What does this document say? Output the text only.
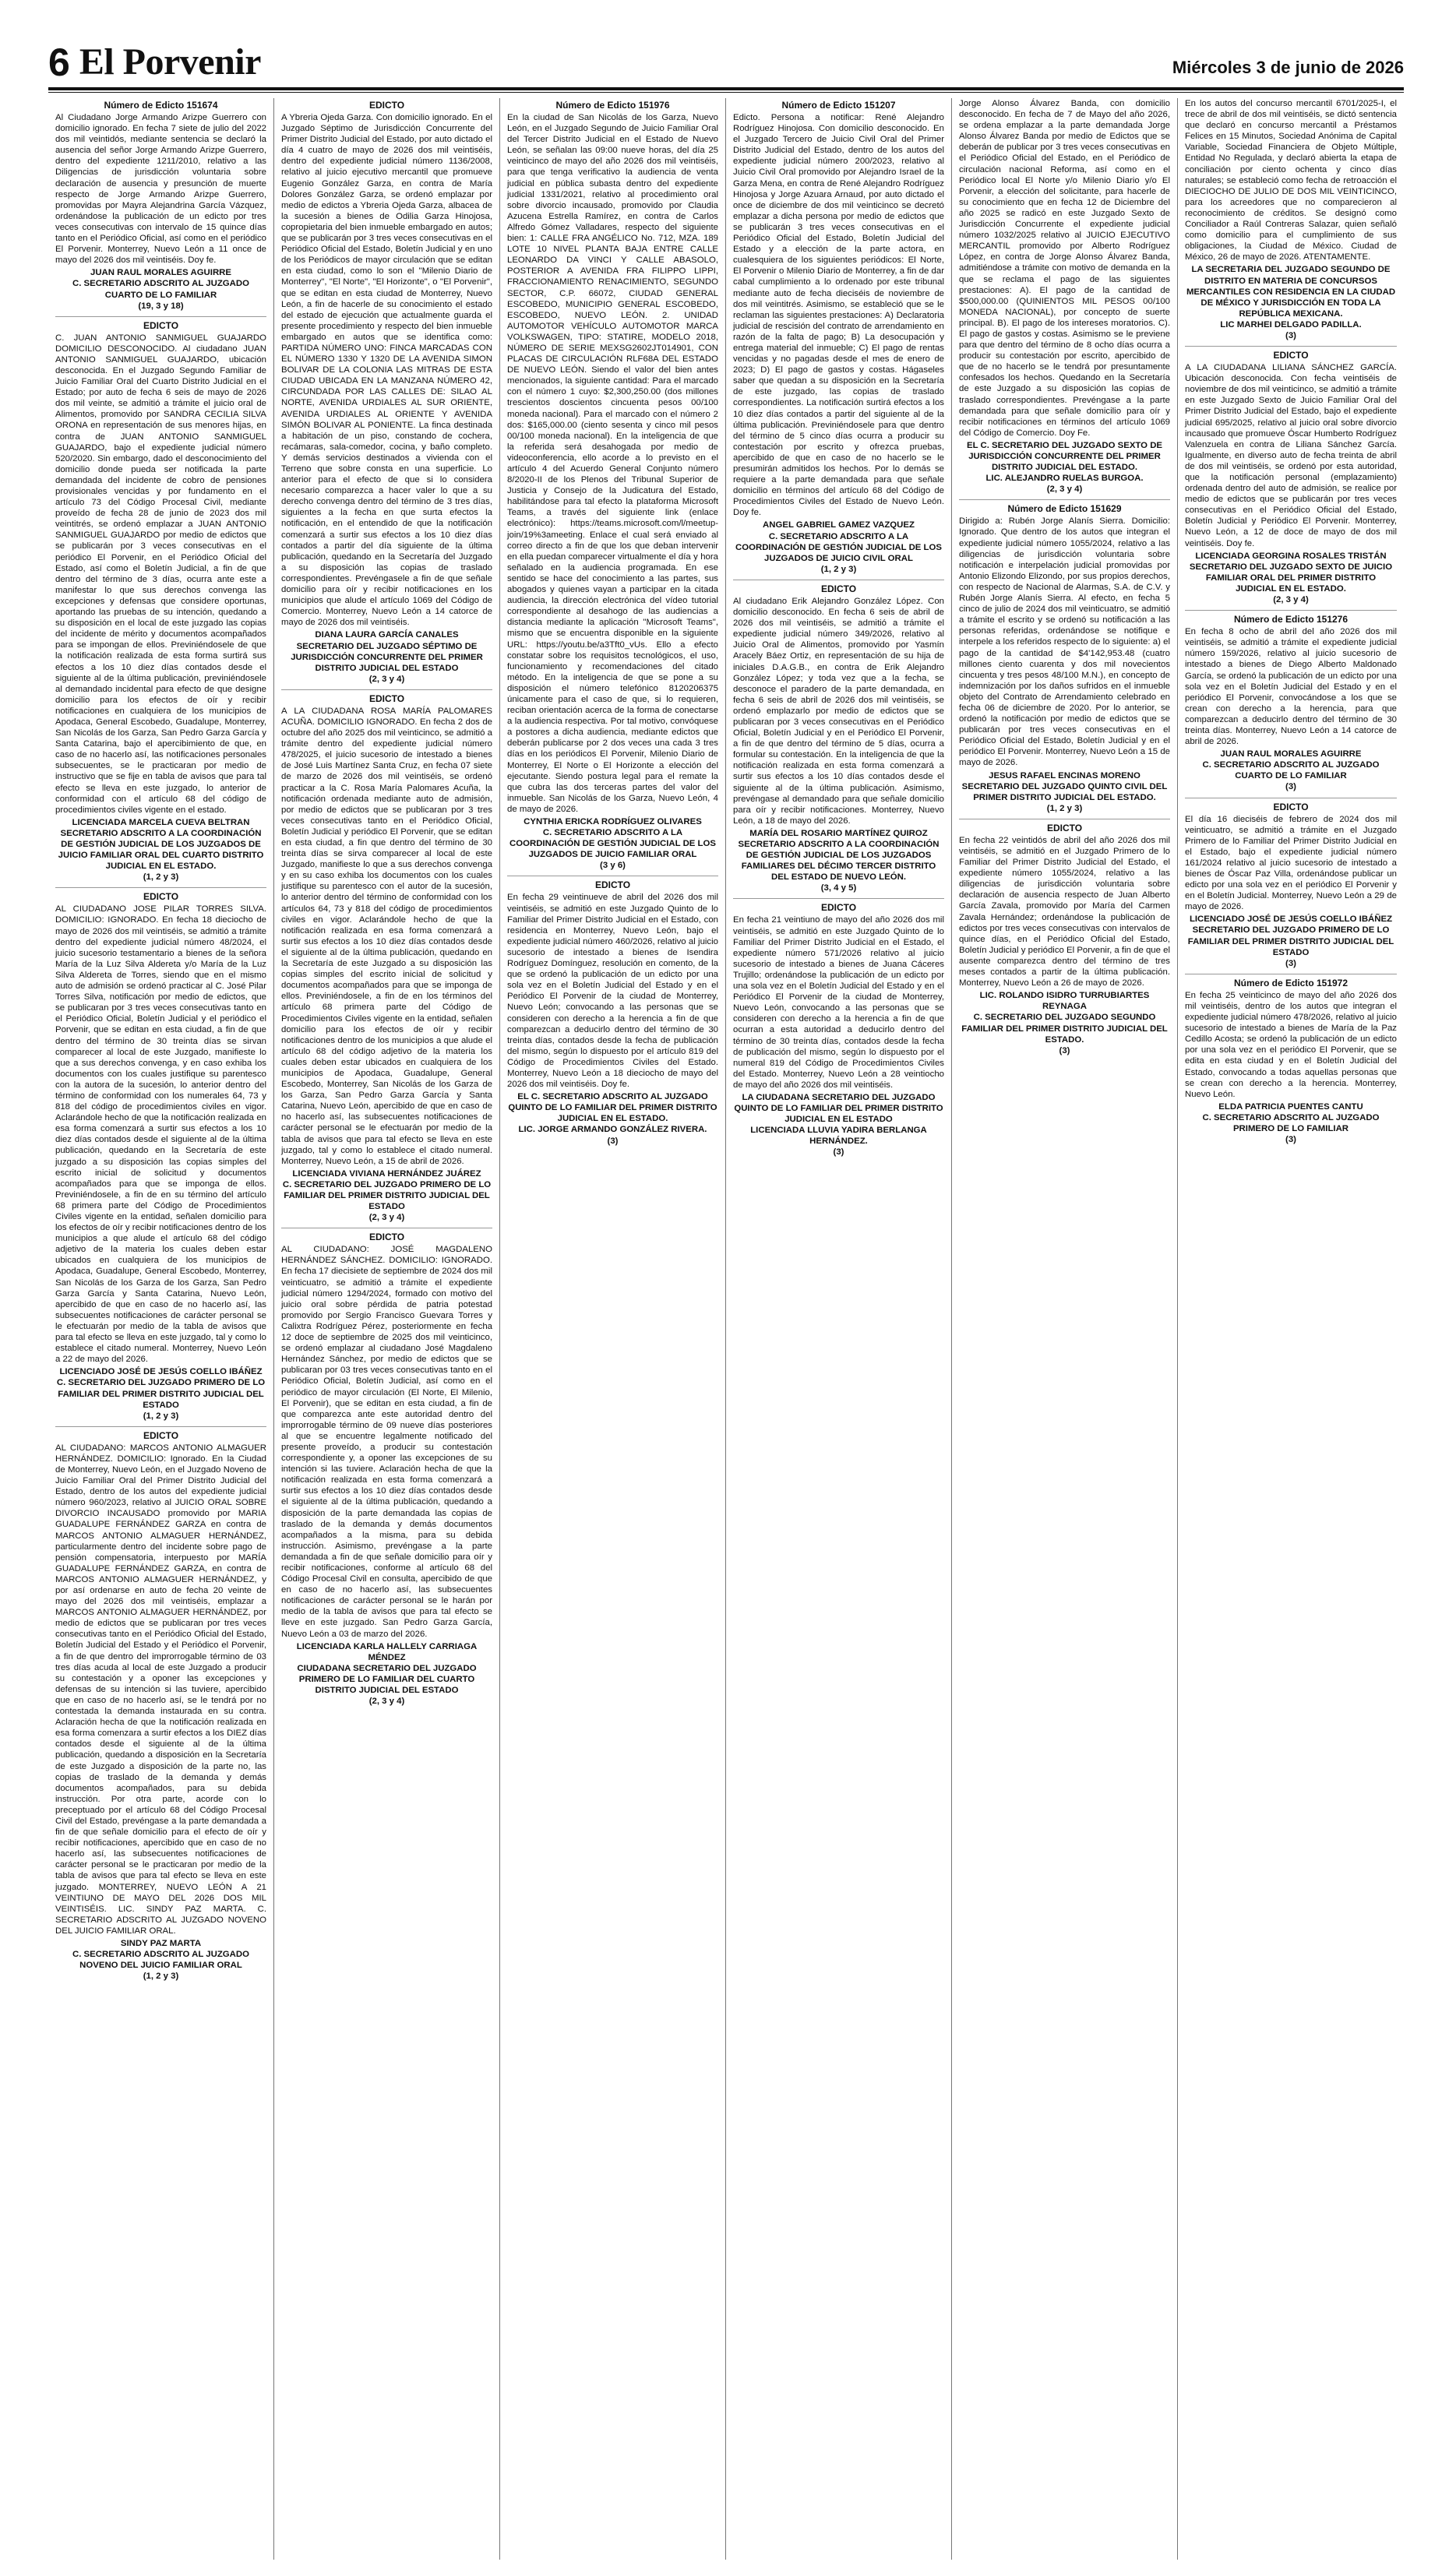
6 El Porvenir	Miércoles 3 de junio de 2026
Número de Edicto 151674
Al Ciudadano Jorge Armando Arizpe Guerrero con domicilio ignorado. En fecha 7 siete de julio del 2022 dos mil veintidós, mediante sentencia se declaró la ausencia del señor Jorge Armando Arizpe Guerrero, dentro del expediente 1211/2010, relativo a las Diligencias de jurisdicción voluntaria sobre declaración de ausencia y presunción de muerte respecto de Jorge Armando Arizpe Guerrero, promovidas por Mayra Alejandrina García Vázquez, ordenándose la publicación de un edicto por tres veces consecutivas con intervalo de 15 quince días tanto en el Periódico Oficial, así como en el periódico El Porvenir. Monterrey, Nuevo León a 11 once de mayo del 2026 dos mil veintiséis. Doy fe.
JUAN RAUL MORALES AGUIRRE
C. SECRETARIO ADSCRITO AL JUZGADO CUARTO DE LO FAMILIAR
(19, 3 y 18)
EDICTO
C. JUAN ANTONIO SANMIGUEL GUAJARDO DOMICILIO DESCONOCIDO. Al ciudadano JUAN ANTONIO SANMIGUEL GUAJARDO, ubicación desconocida. En el Juzgado Segundo Familiar de Juicio Familiar Oral del Cuarto Distrito Judicial en el Estado; por auto de fecha 6 seis de mayo de 2026 dos mil veinte, se admitió a trámite el juicio oral de Alimentos, promovido por SANDRA CECILIA SILVA ORONA en representación de sus menores hijas, en contra de JUAN ANTONIO SANMIGUEL GUAJARDO, bajo el expediente judicial número 520/2020. Sin embargo, dado el desconocimiento del domicilio donde pueda ser notificada la parte demandada del incidente de cobro de pensiones provisionales vencidas y por fundamento en el artículo 73 del Código Procesal Civil, mediante proveído de fecha 28 de junio de 2023 dos mil veintitrés, se ordenó emplazar a JUAN ANTONIO SANMIGUEL GUAJARDO por medio de edictos que se publicarán por 3 veces consecutivas en el periódico El Porvenir, en el Periódico Oficial del Estado, así como el Boletín Judicial, a fin de que dentro del término de 3 días, ocurra ante este a manifestar lo que sus derechos convenga las excepciones y defensas que considere oportunas, aportando las pruebas de su intención, quedando a su disposición en el local de este juzgado las copias del incidente de mérito y documentos acompañados para se impongan de ellos. Previniéndosele de que la notificación realizada de esta forma surtirá sus efectos a los 10 diez días contados desde el siguiente al de la última publicación, previniéndosele al demandado incidental para efecto de que designe domicilio para los efectos de oír y recibir notificaciones en cualquiera de los municipios de Apodaca, General Escobedo, Guadalupe, Monterrey, San Nicolás de los Garza, San Pedro Garza García y Santa Catarina, bajo el apercibimiento de que, en caso de no hacerlo así, las notificaciones personales subsecuentes, se le practicaran por medio de instructivo que se fije en tabla de avisos que para tal efecto se lleva en este juzgado, lo anterior de conformidad con el artículo 68 del código de procedimientos civiles vigente en el estado.
LICENCIADA MARCELA CUEVA BELTRAN
SECRETARIO ADSCRITO A LA COORDINACIÓN DE GESTIÓN JUDICIAL DE LOS JUZGADOS DE JUICIO FAMILIAR ORAL DEL CUARTO DISTRITO JUDICIAL EN EL ESTADO.
(1, 2 y 3)
EDICTO
AL CIUDADANO JOSE PILAR TORRES SILVA. DOMICILIO: IGNORADO. En fecha 18 dieciocho de mayo de 2026 dos mil veintiséis, se admitió a trámite dentro del expediente judicial número 48/2024, el juicio sucesorio testamentario a bienes de la señora María de la Luz Silva Aldereta y/o María de la Luz Silva Aldereta de Torres, siendo que en el mismo auto de admisión se ordenó practicar al C. José Pilar Torres Silva, notificación por medio de edictos, que se publicaran por 3 tres veces consecutivas tanto en el Periódico Oficial, Boletín Judicial y el periódico el Porvenir, que se editan en esta ciudad, a fin de que dentro del término de 30 treinta días se sirvan comparecer al local de este Juzgado, manifieste lo que a sus derechos convenga, y en caso exhiba los documentos con los cuales justifique su parentesco con la autora de la sucesión, lo anterior dentro del término de conformidad con los numerales 64, 73 y 818 del código de procedimientos civiles en vigor. Aclarándole hecho de que la notificación realizada en esa forma comenzará a surtir sus efectos a los 10 diez días contados desde el siguiente al de la última publicación, quedando en la Secretaría de este juzgado a su disposición las copias simples del escrito inicial de solicitud y documentos acompañados para que se imponga de ellos. Previniéndosele, a fin de en su término del artículo 68 primera parte del Código de Procedimientos Civiles vigente en la entidad, señalen domicilio para los efectos de oír y recibir notificaciones dentro de los municipios a que alude el artículo 68 del código adjetivo de la materia los cuales deben estar ubicados en cualquiera de los municipios de Apodaca, Guadalupe, General Escobedo, Monterrey, San Nicolás de los Garza de los Garza, San Pedro Garza García y Santa Catarina, Nuevo León, apercibido de que en caso de no hacerlo así, las subsecuentes notificaciones de carácter personal se le efectuarán por medio de la tabla de avisos que para tal efecto se lleva en este juzgado, tal y como lo establece el citado numeral. Monterrey, Nuevo León a 22 de mayo del 2026.
LICENCIADO JOSÉ DE JESÚS COELLO IBÁÑEZ
C. SECRETARIO DEL JUZGADO PRIMERO DE LO FAMILIAR DEL PRIMER DISTRITO JUDICIAL DEL ESTADO
(1, 2 y 3)
EDICTO
AL CIUDADANO: MARCOS ANTONIO ALMAGUER HERNÁNDEZ. DOMICILIO: Ignorado. En la Ciudad de Monterrey, Nuevo León, en el Juzgado Noveno de Juicio Familiar Oral del Primer Distrito Judicial del Estado, dentro de los autos del expediente judicial número 960/2023, relativo al JUICIO ORAL SOBRE DIVORCIO INCAUSADO promovido por MARIA GUADALUPE FERNÁNDEZ GARZA en contra de MARCOS ANTONIO ALMAGUER HERNÁNDEZ, particularmente dentro del incidente sobre pago de pensión compensatoria, interpuesto por MARÍA GUADALUPE FERNÁNDEZ GARZA, en contra de MARCOS ANTONIO ALMAGUER HERNÁNDEZ, y por así ordenarse en auto de fecha 20 veinte de mayo del 2026 dos mil veintiséis, emplazar a MARCOS ANTONIO ALMAGUER HERNÁNDEZ, por medio de edictos que se publicaran por tres veces consecutivas tanto en el Periódico Oficial del Estado, Boletín Judicial del Estado y el Periódico el Porvenir, a fin de que dentro del improrrogable término de 03 tres días acuda al local de este Juzgado a producir su contestación y a oponer las excepciones y defensas de su intención si las tuviere, apercibido que en caso de no hacerlo así, se le tendrá por no contestada la demanda instaurada en su contra. Aclaración hecha de que la notificación realizada en esa forma comenzara a surtir efectos a los DIEZ días contados desde el siguiente al de la última publicación, quedando a disposición en la Secretaría de este Juzgado a disposición de la parte no, las copias de traslado de la demanda y demás documentos acompañados, para su debida instrucción. Por otra parte, acorde con lo preceptuado por el artículo 68 del Código Procesal Civil del Estado, prevéngase a la parte demandada a fin de que señale domicilio para el efecto de oír y recibir notificaciones, apercibido que en caso de no hacerlo así, las subsecuentes notificaciones de carácter personal se le practicaran por medio de la tabla de avisos que para tal efecto se lleva en este juzgado. MONTERREY, NUEVO LEÓN A 21 VEINTIUNO DE MAYO DEL 2026 DOS MIL VEINTISÉIS. LIC. SINDY PAZ MARTA. C. SECRETARIO ADSCRITO AL JUZGADO NOVENO DEL JUICIO FAMILIAR ORAL.
SINDY PAZ MARTA
C. SECRETARIO ADSCRITO AL JUZGADO NOVENO DEL JUICIO FAMILIAR ORAL
(1, 2 y 3)
EDICTO
A Ybreria Ojeda Garza. Con domicilio ignorado. En el Juzgado Séptimo de Jurisdicción Concurrente del Primer Distrito Judicial del Estado, por auto dictado el día 4 cuatro de mayo de 2026 dos mil veintiséis, dentro del expediente judicial número 1136/2008, relativo al juicio ejecutivo mercantil que promueve Eugenio González Garza, en contra de María Dolores González Garza, se ordenó emplazar por medio de edictos a Ybreria Ojeda Garza, albacea de la sucesión a bienes de Odilia Garza Hinojosa, copropietaria del bien inmueble embargado en autos; que se publicarán por 3 tres veces consecutivas en el Periódico Oficial del Estado, Boletín Judicial y en uno de los Periódicos de mayor circulación que se editan en esta ciudad, como lo son el "Milenio Diario de Monterrey", "El Norte", "El Horizonte", o "El Porvenir", que se editan en esta ciudad de Monterrey, Nuevo León, a fin de hacerle de su conocimiento el estado del estado de ejecución que actualmente guarda el presente procedimiento y respecto del bien inmueble embargado en autos que se identifica como: PARTIDA NÚMERO UNO: FINCA MARCADAS CON EL NÚMERO 1330 Y 1320 DE LA AVENIDA SIMON BOLIVAR DE LA COLONIA LAS MITRAS DE ESTA CIUDAD UBICADA EN LA MANZANA NÚMERO 42, CIRCUNDADA POR LAS CALLES DE: SILAO AL NORTE, AVENIDA URDIALES AL SUR ORIENTE, AVENIDA URDIALES AL ORIENTE Y AVENIDA SIMÓN BOLIVAR AL PONIENTE. La finca destinada a habitación de un piso, constando de cochera, recámaras, sala-comedor, cocina, y baño completo. Y demás servicios destinados a vivienda con el Terreno que sobre consta en una superficie. Lo anterior para el efecto de que si lo considera necesario comparezca a hacer valer lo que a su derecho convenga dentro del término de 3 tres días, siguientes a la fecha en que surta efectos la notificación, en el entendido de que la notificación comenzará a surtir sus efectos a los 10 diez días contados a partir del día siguiente de la última publicación, quedando en la Secretaría del Juzgado a su disposición las copias de traslado correspondientes. Prevéngasele a fin de que señale domicilio para oír y recibir notificaciones en los municipios que alude el artículo 1069 del Código de Comercio. Monterrey, Nuevo León a 14 catorce de mayo de 2026 dos mil veintiséis.
DIANA LAURA GARCÍA CANALES
SECRETARIO DEL JUZGADO SÉPTIMO DE JURISDICCIÓN CONCURRENTE DEL PRIMER DISTRITO JUDICIAL DEL ESTADO
(2, 3 y 4)
EDICTO
A LA CIUDADANA ROSA MARÍA PALOMARES ACUÑA. DOMICILIO IGNORADO. En fecha 2 dos de octubre del año 2025 dos mil veinticinco, se admitió a trámite dentro del expediente judicial número 478/2025, el juicio sucesorio de intestado a bienes de José Luis Martínez Santa Cruz, en fecha 07 siete de marzo de 2026 dos mil veintiséis, se ordenó practicar a la C. Rosa María Palomares Acuña, la notificación ordenada mediante auto de admisión, por medio de edictos que se publicaran por 3 tres veces consecutivas tanto en el Periódico Oficial, Boletín Judicial y periódico El Porvenir, que se editan en esta ciudad, a fin que dentro del término de 30 treinta días se sirva comparecer al local de este Juzgado, manifieste lo que a sus derechos convenga y en su caso exhiba los documentos con los cuales justifique su parentesco con el autor de la sucesión, lo anterior dentro del término de conformidad con los artículos 64, 73 y 818 del código de procedimientos civiles en vigor. Aclarándole hecho de que la notificación realizada en esa forma comenzará a surtir sus efectos a los 10 diez días contados desde el siguiente al de la última publicación, quedando en la Secretaría de este Juzgado a su disposición las copias simples del escrito inicial de solicitud y documentos acompañados para que se imponga de ellos. Previniéndosele, a fin de en los términos del artículo 68 primera parte del Código de Procedimientos Civiles vigente en la entidad, señalen domicilio para los efectos de oír y recibir notificaciones dentro de los municipios a que alude el artículo 68 del código adjetivo de la materia los cuales deben estar ubicados en cualquiera de los municipios de Apodaca, Guadalupe, General Escobedo, Monterrey, San Nicolás de los Garza de los Garza, San Pedro Garza García y Santa Catarina, Nuevo León, apercibido de que en caso de no hacerlo así, las subsecuentes notificaciones de carácter personal se le efectuarán por medio de la tabla de avisos que para tal efecto se lleva en este juzgado, tal y como lo establece el citado numeral. Monterrey, Nuevo León, a 15 de abril de 2026.
LICENCIADA VIVIANA HERNÁNDEZ JUÁREZ
C. SECRETARIO DEL JUZGADO PRIMERO DE LO FAMILIAR DEL PRIMER DISTRITO JUDICIAL DEL ESTADO
(2, 3 y 4)
EDICTO
AL CIUDADANO: JOSÉ MAGDALENO HERNÁNDEZ SÁNCHEZ. DOMICILIO: IGNORADO. En fecha 17 diecisiete de septiembre de 2024 dos mil veinticuatro, se admitió a trámite el expediente judicial número 1294/2024, formado con motivo del juicio oral sobre pérdida de patria potestad promovido por Sergio Francisco Guevara Torres y Calixtra Rodríguez Pérez, posteriormente en fecha 12 doce de septiembre de 2025 dos mil veinticinco, se ordenó emplazar al ciudadano José Magdaleno Hernández Sánchez, por medio de edictos que se publicaran por 03 tres veces consecutivas tanto en el Periódico Oficial, Boletín Judicial, así como en el periódico de mayor circulación (El Norte, El Milenio, El Porvenir), que se editan en esta ciudad, a fin de que comparezca ante este autoridad dentro del improrrogable término de 09 nueve días posteriores al que se encuentre legalmente notificado del presente proveído, a producir su contestación correspondiente y, a oponer las excepciones de su intención si las tuviere. Aclaración hecha de que la notificación realizada en esta forma comenzará a surtir sus efectos a los 10 diez días contados desde el siguiente al de la última publicación, quedando a disposición de la parte demandada las copias de traslado de la demanda y demás documentos acompañados a la misma, para su debida instrucción. Asimismo, prevéngase a la parte demandada a fin de que señale domicilio para oír y recibir notificaciones, conforme al artículo 68 del Código Procesal Civil en consulta, apercibido de que en caso de no hacerlo así, las subsecuentes notificaciones de carácter personal se le harán por medio de la tabla de avisos que para tal efecto se lleve en este juzgado. San Pedro Garza García, Nuevo León a 03 de marzo del 2026.
LICENCIADA KARLA HALLELY CARRIAGA MÉNDEZ
CIUDADANA SECRETARIO DEL JUZGADO PRIMERO DE LO FAMILIAR DEL CUARTO DISTRITO JUDICIAL DEL ESTADO
(2, 3 y 4)
Número de Edicto 151976
En la ciudad de San Nicolás de los Garza, Nuevo León, en el Juzgado Segundo de Juicio Familiar Oral del Tercer Distrito Judicial en el Estado de Nuevo León, se señalan las 09:00 nueve horas, del día 25 veinticinco de mayo del año 2026 dos mil veintiséis, para que tenga verificativo la audiencia de venta judicial en pública subasta dentro del expediente judicial 1331/2021, relativo al procedimiento oral sobre divorcio incausado, promovido por Claudia Azucena Estrella Ramírez, en contra de Carlos Alfredo Gómez Valladares, respecto del siguiente bien: 1: CALLE FRA ANGÉLICO No. 712, MZA. 189 LOTE 10 NIVEL PLANTA BAJA ENTRE CALLE LEONARDO DA VINCI Y CALLE ABASOLO, POSTERIOR A AVENIDA FRA FILIPPO LIPPI, FRACCIONAMIENTO RENACIMIENTO, SEGUNDO SECTOR, C.P. 66072, CIUDAD GENERAL ESCOBEDO, MUNICIPIO GENERAL ESCOBEDO, ESCOBEDO, NUEVO LEÓN. 2. UNIDAD AUTOMOTOR VEHÍCULO AUTOMOTOR MARCA VOLKSWAGEN, TIPO: STATIRE, MODELO 2018, NÚMERO DE SERIE MEXSG2602JT014901, CON PLACAS DE CIRCULACIÓN RLF68A DEL ESTADO DE NUEVO LEÓN. Siendo el valor del bien antes mencionados, la siguiente cantidad: Para el marcado con el número 1 cuyo: $2,300,250.00 (dos millones trescientos doscientos cincuenta pesos 00/100 moneda nacional). Para el marcado con el número 2 dos: $165,000.00 (ciento sesenta y cinco mil pesos 00/100 moneda nacional). En la inteligencia de que la referida será desahogada por medio de videoconferencia, ello acorde a lo previsto en el artículo 4 del Acuerdo General Conjunto número 8/2020-II de los Plenos del Tribunal Superior de Justicia y Consejo de la Judicatura del Estado, habilitándose para tal efecto la plataforma Microsoft Teams, a través del siguiente link (enlace electrónico): https://teams.microsoft.com/l/meetup-join/19%3ameeting. Enlace el cual será enviado al correo directo a fin de que los que deban intervenir en ella puedan comparecer virtualmente el día y hora señalado en la audiencia programada. En ese sentido se hace del conocimiento a las partes, sus abogados y quienes vayan a participar en la citada audiencia, la dirección electrónica del vídeo tutorial correspondiente al desahogo de las audiencias a distancia mediante la aplicación "Microsoft Teams", mismo que se encuentra disponible en la siguiente URL: https://youtu.be/a3Tft0_vUs. Ello a efecto constatar sobre los requisitos tecnológicos, el uso, funcionamiento y recomendaciones del citado método. En la inteligencia de que se pone a su disposición el número telefónico 8120206375 únicamente para el caso de que, si lo requieren, reciban orientación acerca de la forma de conectarse a la audiencia respectiva. Por tal motivo, convóquese a postores a dicha audiencia, mediante edictos que deberán publicarse por 2 dos veces una cada 3 tres días en los periódicos El Porvenir, Milenio Diario de Monterrey, El Norte o El Horizonte a elección del ejecutante. Siendo postura legal para el remate la que cubra las dos terceras partes del valor del inmueble. San Nicolás de los Garza, Nuevo León, 4 de mayo de 2026.
CYNTHIA ERICKA RODRÍGUEZ OLIVARES
C. SECRETARIO ADSCRITO A LA COORDINACIÓN DE GESTIÓN JUDICIAL DE LOS JUZGADOS DE JUICIO FAMILIAR ORAL
(3 y 6)
EDICTO
En fecha 29 veintinueve de abril del 2026 dos mil veintiséis, se admitió en este Juzgado Quinto de lo Familiar del Primer Distrito Judicial en el Estado, con residencia en Monterrey, Nuevo León, bajo el expediente judicial número 460/2026, relativo al juicio sucesorio de intestado a bienes de Isendira Rodríguez Domínguez, resolución en comento, de la que se ordenó la publicación de un edicto por una sola vez en el Boletín Judicial del Estado y en el Periódico El Porvenir de la ciudad de Monterrey, Nuevo León; convocando a las personas que se consideren con derecho a la herencia a fin de que comparezcan a deducirlo dentro del término de 30 treinta días, contados desde la fecha de publicación del mismo, según lo dispuesto por el artículo 819 del Código de Procedimientos Civiles del Estado. Monterrey, Nuevo León a 18 dieciocho de mayo del 2026 dos mil veintiséis. Doy fe.
EL C. SECRETARIO ADSCRITO AL JUZGADO QUINTO DE LO FAMILIAR DEL PRIMER DISTRITO JUDICIAL EN EL ESTADO.
LIC. JORGE ARMANDO GONZÁLEZ RIVERA.
(3)
Número de Edicto 151207
Edicto. Persona a notificar: René Alejandro Rodríguez Hinojosa. Con domicilio desconocido. En el Juzgado Tercero de Juicio Civil Oral del Primer Distrito Judicial del Estado, dentro de los autos del expediente judicial número 200/2023, relativo al Juicio Civil Oral promovido por Alejandro Israel de la Garza Mena, en contra de René Alejandro Rodríguez Hinojosa y Jorge Azuara Arnaud, por auto dictado el once de diciembre de dos mil veinticinco se decretó emplazar a dicha persona por medio de edictos que se publicarán 3 tres veces consecutivas en el Periódico Oficial del Estado, Boletín Judicial del Estado y a elección de la parte actora, en cualesquiera de los siguientes periódicos: El Norte, El Porvenir o Milenio Diario de Monterrey, a fin de dar cabal cumplimiento a lo ordenado por este tribunal mediante auto de fecha dieciséis de noviembre de dos mil veintitrés. Asimismo, se estableció que se le reclaman las siguientes prestaciones: A) Declaratoria judicial de rescisión del contrato de arrendamiento en razón de la falta de pago; B) La desocupación y entrega material del inmueble; C) El pago de rentas vencidas y no pagadas desde el mes de enero de 2023; D) El pago de gastos y costas. Hágaseles saber que quedan a su disposición en la Secretaría de este juzgado, las copias de traslado correspondientes. La notificación surtirá efectos a los 10 diez días contados a partir del siguiente al de la última publicación. Previniéndosele para que dentro del término de 5 cinco días ocurra a producir su contestación por escrito y ofrezca pruebas, apercibido de que en caso de no hacerlo se le presumirán admitidos los hechos. Por lo demás se requiere a la parte demandada para que señale domicilio en términos del artículo 68 del Código de Procedimientos Civiles del Estado de Nuevo León. Doy fe.
ANGEL GABRIEL GAMEZ VAZQUEZ
C. SECRETARIO ADSCRITO A LA COORDINACIÓN DE GESTIÓN JUDICIAL DE LOS JUZGADOS DE JUICIO CIVIL ORAL
(1, 2 y 3)
EDICTO
Al ciudadano Erik Alejandro González López. Con domicilio desconocido. En fecha 6 seis de abril de 2026 dos mil veintiséis, se admitió a trámite el expediente judicial número 349/2026, relativo al Juicio Oral de Alimentos, promovido por Yasmín Aracely Báez Ortiz, en representación de su hija de iniciales D.A.G.B., en contra de Erik Alejandro González López; y toda vez que a la fecha, se desconoce el paradero de la parte demandada, en fecha 6 seis de abril de 2026 dos mil veintiséis, se ordenó emplazarlo por medio de edictos que se publicaran por 3 veces consecutivas en el Periódico Oficial, Boletín Judicial y en el Periódico El Porvenir, a fin de que dentro del término de 5 días, ocurra a formular su contestación. En la inteligencia de que la notificación realizada en esta forma comenzará a surtir sus efectos a los 10 días contados desde el siguiente al de la última publicación. Asimismo, prevéngase al demandado para que señale domicilio para oír y recibir notificaciones. Monterrey, Nuevo León, a 18 de mayo del 2026.
MARÍA DEL ROSARIO MARTÍNEZ QUIROZ
SECRETARIO ADSCRITO A LA COORDINACIÓN DE GESTIÓN JUDICIAL DE LOS JUZGADOS FAMILIARES DEL DÉCIMO TERCER DISTRITO DEL ESTADO DE NUEVO LEÓN.
(3, 4 y 5)
EDICTO
En fecha 21 veintiuno de mayo del año 2026 dos mil veintiséis, se admitió en este Juzgado Quinto de lo Familiar del Primer Distrito Judicial en el Estado, el expediente número 571/2026 relativo al juicio sucesorio de intestado a bienes de Juana Cáceres Trujillo; ordenándose la publicación de un edicto por una sola vez en el Boletín Judicial del Estado y en el Periódico El Porvenir de la ciudad de Monterrey, Nuevo León, convocando a las personas que se consideren con derecho a la herencia a fin de que ocurran a esta autoridad a deducirlo dentro del término de 30 treinta días, contados desde la fecha de publicación del mismo, según lo dispuesto por el numeral 819 del Código de Procedimientos Civiles del Estado. Monterrey, Nuevo León a 28 veintiocho de mayo del año 2026 dos mil veintiséis.
LA CIUDADANA SECRETARIO DEL JUZGADO QUINTO DE LO FAMILIAR DEL PRIMER DISTRITO JUDICIAL EN EL ESTADO
LICENCIADA LLUVIA YADIRA BERLANGA HERNÁNDEZ.
(3)
Jorge Alonso Álvarez Banda, con domicilio desconocido. En fecha de 7 de Mayo del año 2026, se ordena emplazar a la parte demandada Jorge Alonso Álvarez Banda por medio de Edictos que se deberán de publicar por 3 tres veces consecutivas en el Periódico Oficial del Estado, en el Periódico de circulación nacional Reforma, así como en el Periódico local El Norte y/o Milenio Diario y/o El Porvenir, a elección del solicitante, para hacerle de su conocimiento que en fecha 12 de Diciembre del año 2025 se radicó en este Juzgado Sexto de Jurisdicción Concurrente el expediente judicial número 1032/2025 relativo al JUICIO EJECUTIVO MERCANTIL promovido por Alberto Rodríguez López, en contra de Jorge Alonso Álvarez Banda, admitiéndose a trámite con motivo de demanda en la que se reclama el pago de las siguientes prestaciones: A). El pago de la cantidad de $500,000.00 (QUINIENTOS MIL PESOS 00/100 MONEDA NACIONAL), por concepto de suerte principal. B). El pago de los intereses moratorios. C). El pago de gastos y costas. Asimismo se le previene para que dentro del término de 8 ocho días ocurra a producir su contestación por escrito, apercibido de que de no hacerlo se le tendrá por presuntamente confesados los hechos. Quedando en la Secretaría de este Juzgado a su disposición las copias de traslado correspondientes. Prevéngase a la parte demandada para que señale domicilio para oír y recibir notificaciones en términos del artículo 1069 del Código de Comercio. Doy Fe.
EL C. SECRETARIO DEL JUZGADO SEXTO DE JURISDICCIÓN CONCURRENTE DEL PRIMER DISTRITO JUDICIAL DEL ESTADO.
LIC. ALEJANDRO RUELAS BURGOA.
(2, 3 y 4)
Número de Edicto 151629
Dirigido a: Rubén Jorge Alanís Sierra. Domicilio: Ignorado. Que dentro de los autos que integran el expediente judicial número 1055/2024, relativo a las diligencias de jurisdicción voluntaria sobre notificación e interpelación judicial promovidas por Antonio Elizondo Elizondo, por sus propios derechos, con respecto de Nacional de Alarmas, S.A. de C.V. y Rubén Jorge Alanís Sierra. Al efecto, en fecha 5 cinco de julio de 2024 dos mil veinticuatro, se admitió a trámite el escrito y se ordenó su notificación a las personas referidas, ordenándose se notifique e interpele a los referidos respecto de lo siguiente: a) el pago de la cantidad de $4'142,953.48 (cuatro millones ciento cuarenta y dos mil novecientos cincuenta y tres pesos 48/100 M.N.), en concepto de indemnización por los daños sufridos en el inmueble objeto del Contrato de Arrendamiento celebrado en fecha 06 de diciembre de 2020. Por lo anterior, se ordenó la notificación por medio de edictos que se publicarán por tres veces consecutivas en el Periódico Oficial del Estado, Boletín Judicial y en el periódico El Porvenir. Monterrey, Nuevo León a 15 de mayo de 2026.
JESUS RAFAEL ENCINAS MORENO
SECRETARIO DEL JUZGADO QUINTO CIVIL DEL PRIMER DISTRITO JUDICIAL DEL ESTADO.
(1, 2 y 3)
EDICTO
En fecha 22 veintidós de abril del año 2026 dos mil veintiséis, se admitió en el Juzgado Primero de lo Familiar del Primer Distrito Judicial del Estado, el expediente número 1055/2024, relativo a las diligencias de jurisdicción voluntaria sobre declaración de ausencia respecto de Juan Alberto García Zavala, promovido por María del Carmen Zavala Hernández; ordenándose la publicación de edictos por tres veces consecutivas con intervalos de quince días, en el Periódico Oficial del Estado, Boletín Judicial y periódico El Porvenir, a fin de que el ausente comparezca dentro del término de tres meses contados a partir de la última publicación. Monterrey, Nuevo León a 26 de mayo de 2026.
LIC. ROLANDO ISIDRO TURRUBIARTES REYNAGA
C. SECRETARIO DEL JUZGADO SEGUNDO FAMILIAR DEL PRIMER DISTRITO JUDICIAL DEL ESTADO.
(3)
En los autos del concurso mercantil 6701/2025-I, el trece de abril de dos mil veintiséis, se dictó sentencia que declaró en concurso mercantil a Préstamos Felices en 15 Minutos, Sociedad Anónima de Capital Variable, Sociedad Financiera de Objeto Múltiple, Entidad No Regulada, y declaró abierta la etapa de conciliación por ciento ochenta y cinco días naturales; se estableció como fecha de retroacción el DIECIOCHO DE JULIO DE DOS MIL VEINTICINCO, para los acreedores que no comparecieron al reconocimiento de créditos. Se designó como Conciliador a Raúl Contreras Salazar, quien señaló como domicilio para el cumplimiento de sus obligaciones, la Ciudad de México. Ciudad de México, 26 de mayo de 2026. ATENTAMENTE.
LA SECRETARIA DEL JUZGADO SEGUNDO DE DISTRITO EN MATERIA DE CONCURSOS MERCANTILES CON RESIDENCIA EN LA CIUDAD DE MÉXICO Y JURISDICCIÓN EN TODA LA REPÚBLICA MEXICANA.
LIC MARHEI DELGADO PADILLA.
(3)
EDICTO
A LA CIUDADANA LILIANA SÁNCHEZ GARCÍA. Ubicación desconocida. Con fecha veintiséis de noviembre de dos mil veinticinco, se admitió a trámite en este Juzgado Sexto de Juicio Familiar Oral del Primer Distrito Judicial del Estado, bajo el expediente judicial 695/2025, relativo al juicio oral sobre divorcio incausado que promueve Óscar Humberto Rodríguez Valenzuela en contra de Liliana Sánchez García. Igualmente, en diverso auto de fecha treinta de abril de dos mil veintiséis, se ordenó por esta autoridad, que la notificación personal (emplazamiento) ordenada dentro del auto de admisión, se realice por medio de edictos que se publicarán por tres veces consecutivas en el Periódico Oficial del Estado, Boletín Judicial y Periódico El Porvenir. Monterrey, Nuevo León, a 12 de doce de mayo de dos mil veintiséis. Doy fe.
LICENCIADA GEORGINA ROSALES TRISTÁN
SECRETARIO DEL JUZGADO SEXTO DE JUICIO FAMILIAR ORAL DEL PRIMER DISTRITO JUDICIAL EN EL ESTADO.
(2, 3 y 4)
Número de Edicto 151276
En fecha 8 ocho de abril del año 2026 dos mil veintiséis, se admitió a trámite el expediente judicial número 159/2026, relativo al juicio sucesorio de intestado a bienes de Diego Alberto Maldonado García, se ordenó la publicación de un edicto por una sola vez en el Boletín Judicial del Estado y en el periódico El Porvenir, convocándose a los que se crean con derecho a la herencia, para que comparezcan a deducirlo dentro del término de 30 treinta días. Monterrey, Nuevo León a 14 catorce de abril de 2026.
JUAN RAUL MORALES AGUIRRE
C. SECRETARIO ADSCRITO AL JUZGADO CUARTO DE LO FAMILIAR
(3)
EDICTO
El día 16 dieciséis de febrero de 2024 dos mil veinticuatro, se admitió a trámite en el Juzgado Primero de lo Familiar del Primer Distrito Judicial en el Estado, bajo el expediente judicial número 161/2024 relativo al juicio sucesorio de intestado a bienes de Óscar Paz Villa, ordenándose publicar un edicto por una sola vez en el periódico El Porvenir y en el Boletín Judicial. Monterrey, Nuevo León a 29 de mayo de 2026.
LICENCIADO JOSÉ DE JESÚS COELLO IBÁÑEZ
SECRETARIO DEL JUZGADO PRIMERO DE LO FAMILIAR DEL PRIMER DISTRITO JUDICIAL DEL ESTADO
(3)
Número de Edicto 151972
En fecha 25 veinticinco de mayo del año 2026 dos mil veintiséis, dentro de los autos que integran el expediente judicial número 478/2026, relativo al juicio sucesorio de intestado a bienes de María de la Paz Cedillo Acosta; se ordenó la publicación de un edicto por una sola vez en el periódico El Porvenir, que se edita en esta ciudad y en el Boletín Judicial del Estado, convocando a todas aquellas personas que se crean con derecho a la herencia. Monterrey, Nuevo León.
ELDA PATRICIA PUENTES CANTU
C. SECRETARIO ADSCRITO AL JUZGADO PRIMERO DE LO FAMILIAR
(3)
